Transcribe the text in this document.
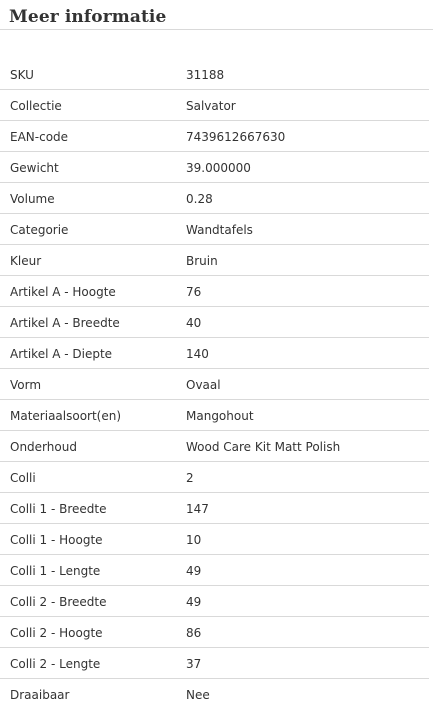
Meer informatie
SKU	31188
Collectie	Salvator
EAN-code	7439612667630
Gewicht	39.000000
Volume	0.28
Categorie	Wandtafels
Kleur	Bruin
Artikel A - Hoogte	76
Artikel A - Breedte	40
Artikel A - Diepte	140
Vorm	Ovaal
Materiaalsoort(en)	Mangohout
Onderhoud	Wood Care Kit Matt Polish
Colli	2
Colli 1 - Breedte	147
Colli 1 - Hoogte	10
Colli 1 - Lengte	49
Colli 2 - Breedte	49
Colli 2 - Hoogte	86
Colli 2 - Lengte	37
Draaibaar	Nee
